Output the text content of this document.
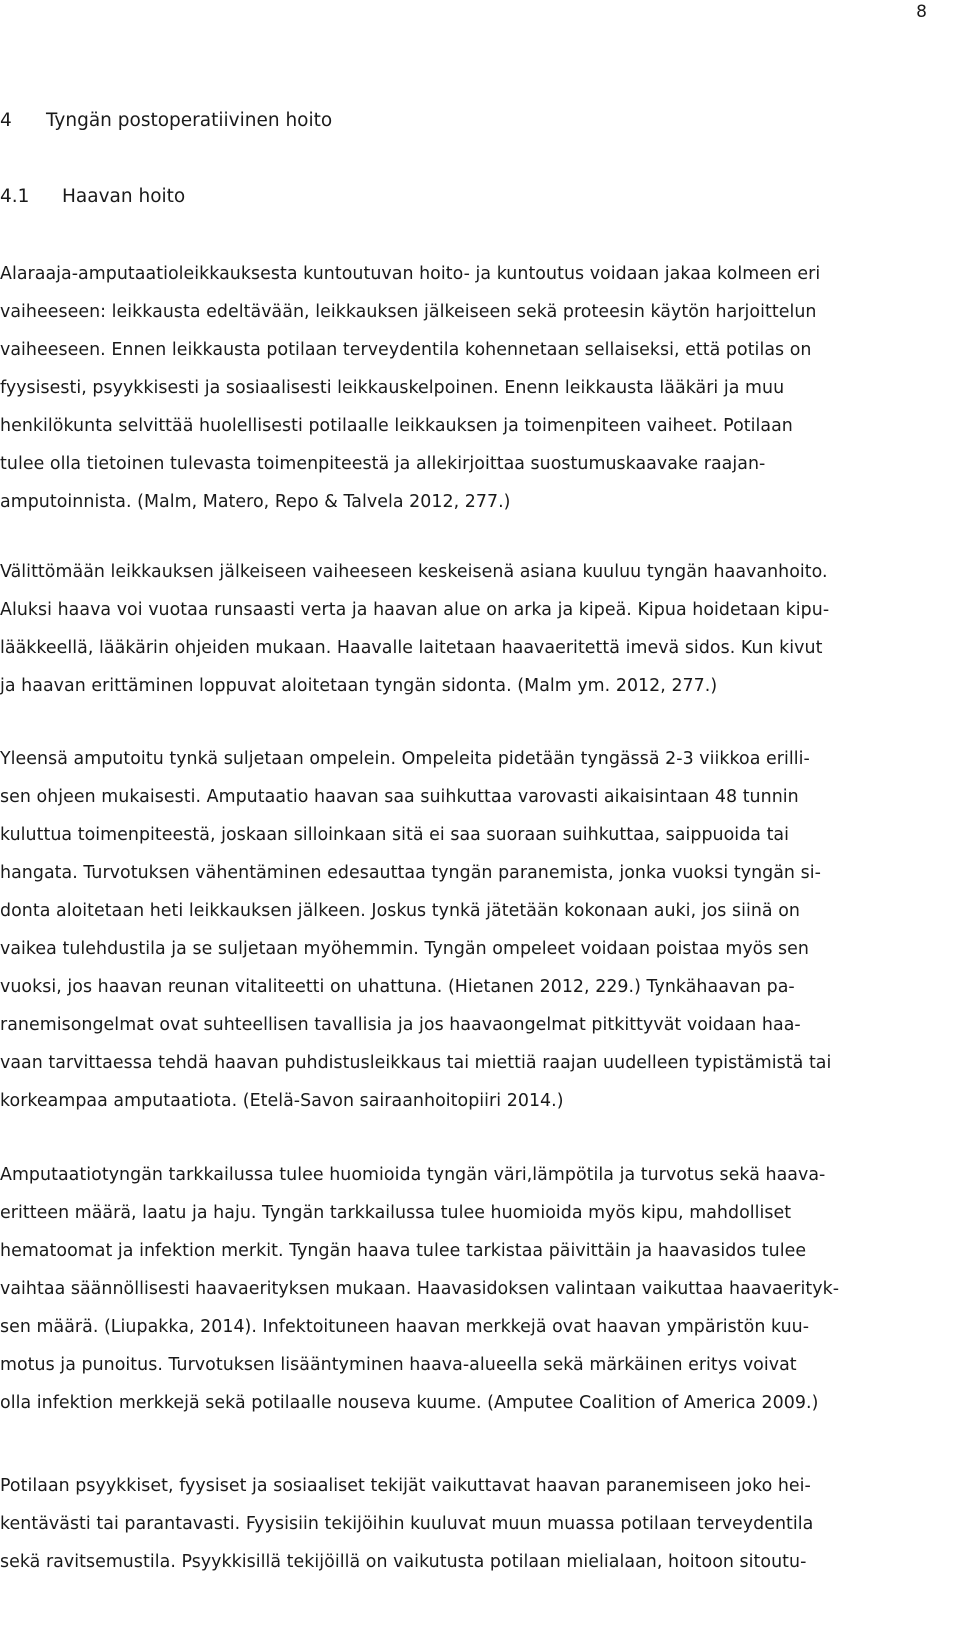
8
4 Tyngän postoperatiivinen hoito
4.1 Haavan hoito
Alaraaja-amputaatioleikkauksesta kuntoutuvan hoito- ja kuntoutus voidaan jakaa kolmeen eri
vaiheeseen: leikkausta edeltävään, leikkauksen jälkeiseen sekä proteesin käytön harjoittelun
vaiheeseen. Ennen leikkausta potilaan terveydentila kohennetaan sellaiseksi, että potilas on
fyysisesti, psyykkisesti ja sosiaalisesti leikkauskelpoinen. Enenn leikkausta lääkäri ja muu
henkilökunta selvittää huolellisesti potilaalle leikkauksen ja toimenpiteen vaiheet. Potilaan
tulee olla tietoinen tulevasta toimenpiteestä ja allekirjoittaa suostumuskaavake raajan-
amputoinnista. (Malm, Matero, Repo & Talvela 2012, 277.)
Välittömään leikkauksen jälkeiseen vaiheeseen keskeisenä asiana kuuluu tyngän haavanhoito.
Aluksi haava voi vuotaa runsaasti verta ja haavan alue on arka ja kipeä. Kipua hoidetaan kipu-
lääkkeellä, lääkärin ohjeiden mukaan. Haavalle laitetaan haavaeritettä imevä sidos. Kun kivut
ja haavan erittäminen loppuvat aloitetaan tyngän sidonta. (Malm ym. 2012, 277.)
Yleensä amputoitu tynkä suljetaan ompelein. Ompeleita pidetään tyngässä 2-3 viikkoa erilli-
sen ohjeen mukaisesti. Amputaatio haavan saa suihkuttaa varovasti aikaisintaan 48 tunnin
kuluttua toimenpiteestä, joskaan silloinkaan sitä ei saa suoraan suihkuttaa, saippuoida tai
hangata. Turvotuksen vähentäminen edesauttaa tyngän paranemista, jonka vuoksi tyngän si-
donta aloitetaan heti leikkauksen jälkeen. Joskus tynkä jätetään kokonaan auki, jos siinä on
vaikea tulehdustila ja se suljetaan myöhemmin. Tyngän ompeleet voidaan poistaa myös sen
vuoksi, jos haavan reunan vitaliteetti on uhattuna. (Hietanen 2012, 229.) Tynkähaavan pa-
ranemisongelmat ovat suhteellisen tavallisia ja jos haavaongelmat pitkittyvät voidaan haa-
vaan tarvittaessa tehdä haavan puhdistusleikkaus tai miettiä raajan uudelleen typistämistä tai
korkeampaa amputaatiota. (Etelä-Savon sairaanhoitopiiri 2014.)
Amputaatiotyngän tarkkailussa tulee huomioida tyngän väri,lämpötila ja turvotus sekä haava-
eritteen määrä, laatu ja haju. Tyngän tarkkailussa tulee huomioida myös kipu, mahdolliset
hematoomat ja infektion merkit. Tyngän haava tulee tarkistaa päivittäin ja haavasidos tulee
vaihtaa säännöllisesti haavaerityksen mukaan. Haavasidoksen valintaan vaikuttaa haavaerityk-
sen määrä. (Liupakka, 2014). Infektoituneen haavan merkkejä ovat haavan ympäristön kuu-
motus ja punoitus. Turvotuksen lisääntyminen haava-alueella sekä märkäinen eritys voivat
olla infektion merkkejä sekä potilaalle nouseva kuume. (Amputee Coalition of America 2009.)
Potilaan psyykkiset, fyysiset ja sosiaaliset tekijät vaikuttavat haavan paranemiseen joko hei-
kentävästi tai parantavasti. Fyysisiin tekijöihin kuuluvat muun muassa potilaan terveydentila
sekä ravitsemustila. Psyykkisillä tekijöillä on vaikutusta potilaan mielialaan, hoitoon sitoutu-
